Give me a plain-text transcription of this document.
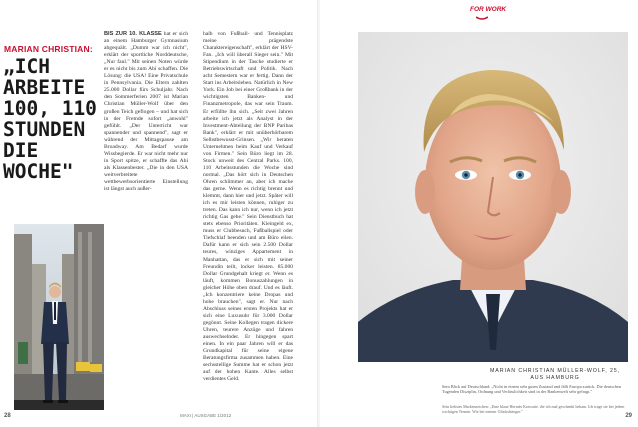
MARIAN CHRISTIAN:
„ICH
ARBEITE
100, 110
STUNDEN
DIE
WOCHE"

BIS ZUR 10. KLASSE hat er sich an einem Hamburger Gymnasium abgequält. „Dumm war ich nicht", erklärt der sportliche Norddeutsche, „Nur faul." Mit seinen Noten würde er es nicht bis zum Abi schaffen. Die Lösung: die USA! Eine Privatschule in Pennsylvania. Die Eltern zahlten 25.000 Dollar fürs Schuljahr. Nach den Sommerferien 2007 ist Marian Christian Müller-Wolf über den großen Teich geflogen – und hat sich in der Fremde sofort „anwohl" gefühlt. „Der Unterricht war spannender und spannend", sagt er während der Mittagspause am Broadway. Am Bedarf wurde Wissbegierde. Er war nicht mehr nur in Sport spitze, er schaffte das Abi als Klassenbester. „Die in den USA weitverbreitete wettbewerbsorientierte Einstellung ist längst auch außer-

28

halb von Fußball- und Tennisplatz meine prägendste Charaktereigenschaft", erklärt der HSV-Fan. „Ich will überall Sieger sein." Mit Stipendium in der Tasche studierte er Betriebswirtschaft und Politik. Nach acht Semestern war er fertig. Dann der Start ins Arbeitsleben. Natürlich in New York. Ein Job bei einer Großbank in der wichtigsten Banken- und Finanzmetropole, das war sein Traum. Er erfüllte ihn sich. „Seit zwei Jahren arbeite ich jetzt als Analyst in der Investment-Abteilung der BNP Paribas Bank", erklärt er mit unüberhörbarem Selbstbewusst-Grinsen. „Wir beraten Unternehmen beim Kauf und Verkauf von Firmen." Sein Büro liegt im 28. Stock unweit des Central Parks. 100, 110 Arbeitsstunden die Woche sind normal. „Das hört sich in Deutschen Ohren schlimmer an, aber ich mache das gerne. Wenn es richtig brennt und klemmt, dann hier und jetzt. Später will ich es mir leisten können, ruhiger zu treten. Das kann ich nur, wenn ich jetzt richtig Gas gebe." Sein Dienstbuch hat stets ebenso Prioritäten. Kleingeld ex, muss er Clubbesuch, Fußballspiel oder Tiefschlaf beenden und am Büro eilen. Dafür kann er sich sein 2.500 Dollar teures, winziges Appartement in Manhattan, das er sich mit seiner Freundin teilt, locker leisten. 85.000 Dollar Grundgehalt kriegt er. Wenn es läuft, kommen Bonuszahlungen in gleicher Höhe oben drauf. Und es läuft. „Ich konzentriere keine Dropas und hohe brauchen", sagt er. Nur nach Abschluss seines ersten Projekts hat er sich eine Luxusuhr für 3.000 Dollar gegönnt. Seine Kollegen tragen dickere Uhren, teurere Anzüge und fahren auswechselnder. Er hingegen spart einen. In ein paar Jahren will er das Grundkapital für seine eigene Beratungsfirma zusammen haben. Eine sechsstellige Summe hat er schon jetzt auf der hohen Kante. Alles selbst verdientes Geld.

FOR WORK
MARIAN CHRISTIAN MÜLLER-WOLF, 25,
AUS HAMBURG

Sein Blick auf Deutschland: „Nicht in einem sehr guten Zustand und fällt Europa zurück. Die deutschen Tugenden Disziplin, Ordnung und Verlässlichkeit sind in der Bankenwelt sehr gefragt."

Sein liebstes Markenzeichen: „Eine blaue Hermès Krawatte, die ich mal geschenkt bekam. Ich trage sie bei jedem wichtigen Termin. Wie bei meiner Glücksbringer."

29
MAXI | AUSGABE 1/2012
